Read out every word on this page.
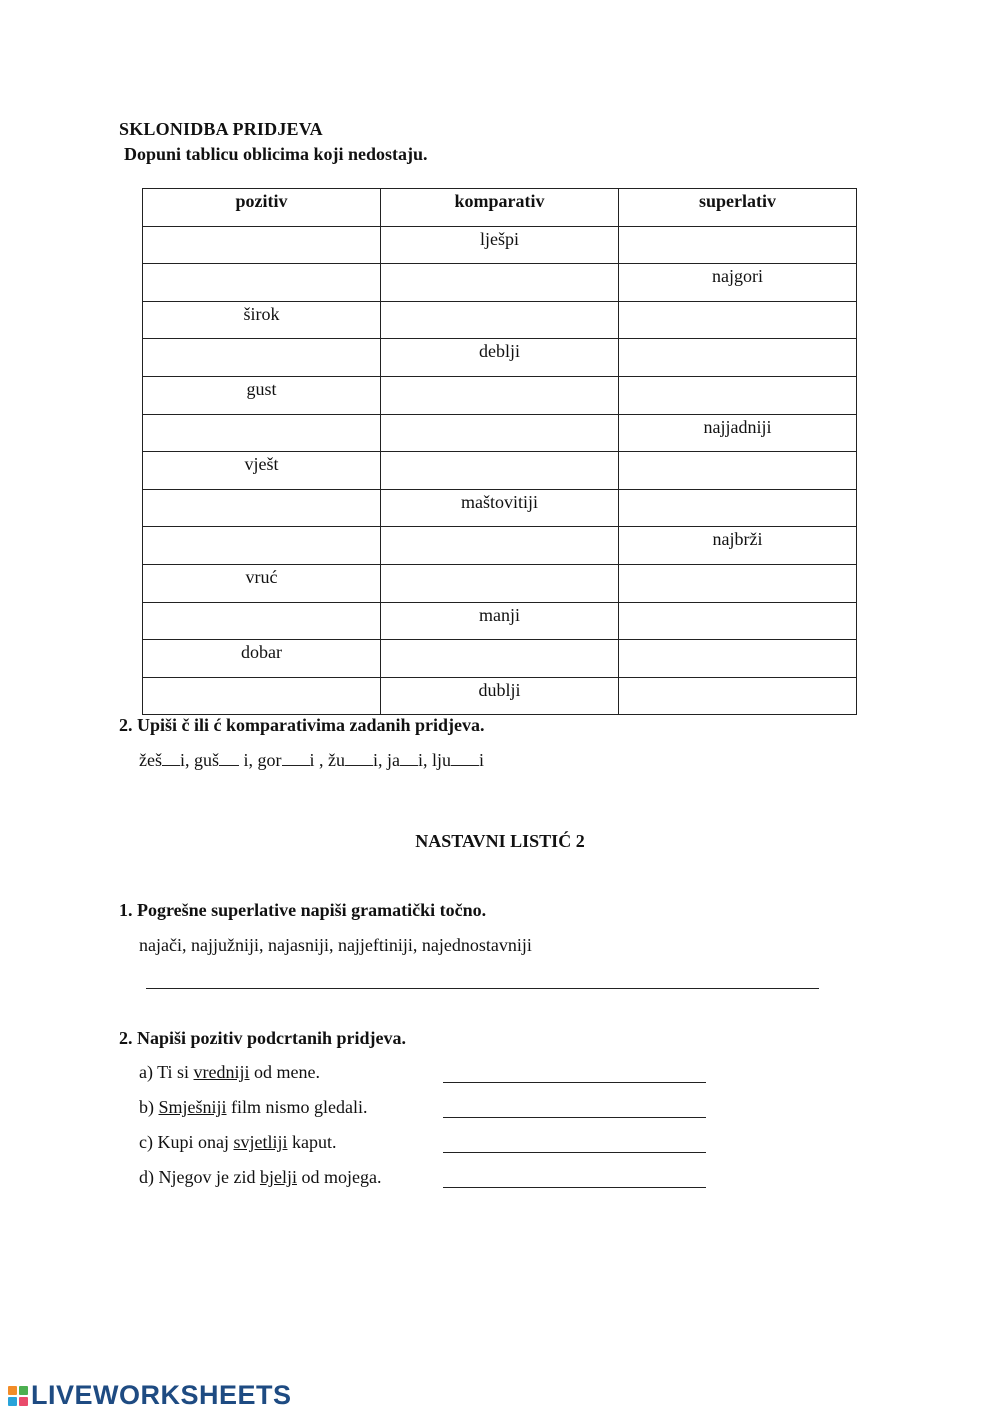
SKLONIDBA PRIDJEVA
Dopuni tablicu oblicima koji nedostaju.
pozitiv	komparativ	superlativ
	lješpi	
		najgori
širok		
	deblji	
gust		
		najjadniji
vješt		
	maštovitiji	
		najbrži
vruć		
	manji	
dobar		
	dublji	
2. Upiši č ili ć komparativima zadanih pridjeva.
žeš i, guš i, gor i , žu i, ja i, lju i
NASTAVNI LISTIĆ 2
1. Pogrešne superlative napiši gramatički točno.
najači, najjužniji, najasniji, najjeftiniji, najednostavniji
2. Napiši pozitiv podcrtanih pridjeva.
a) Ti si vredniji od mene.
b) Smješniji film nismo gledali.
c) Kupi onaj svjetliji kaput.
d) Njegov je zid bjelji od mojega.
LIVEWORKSHEETS
